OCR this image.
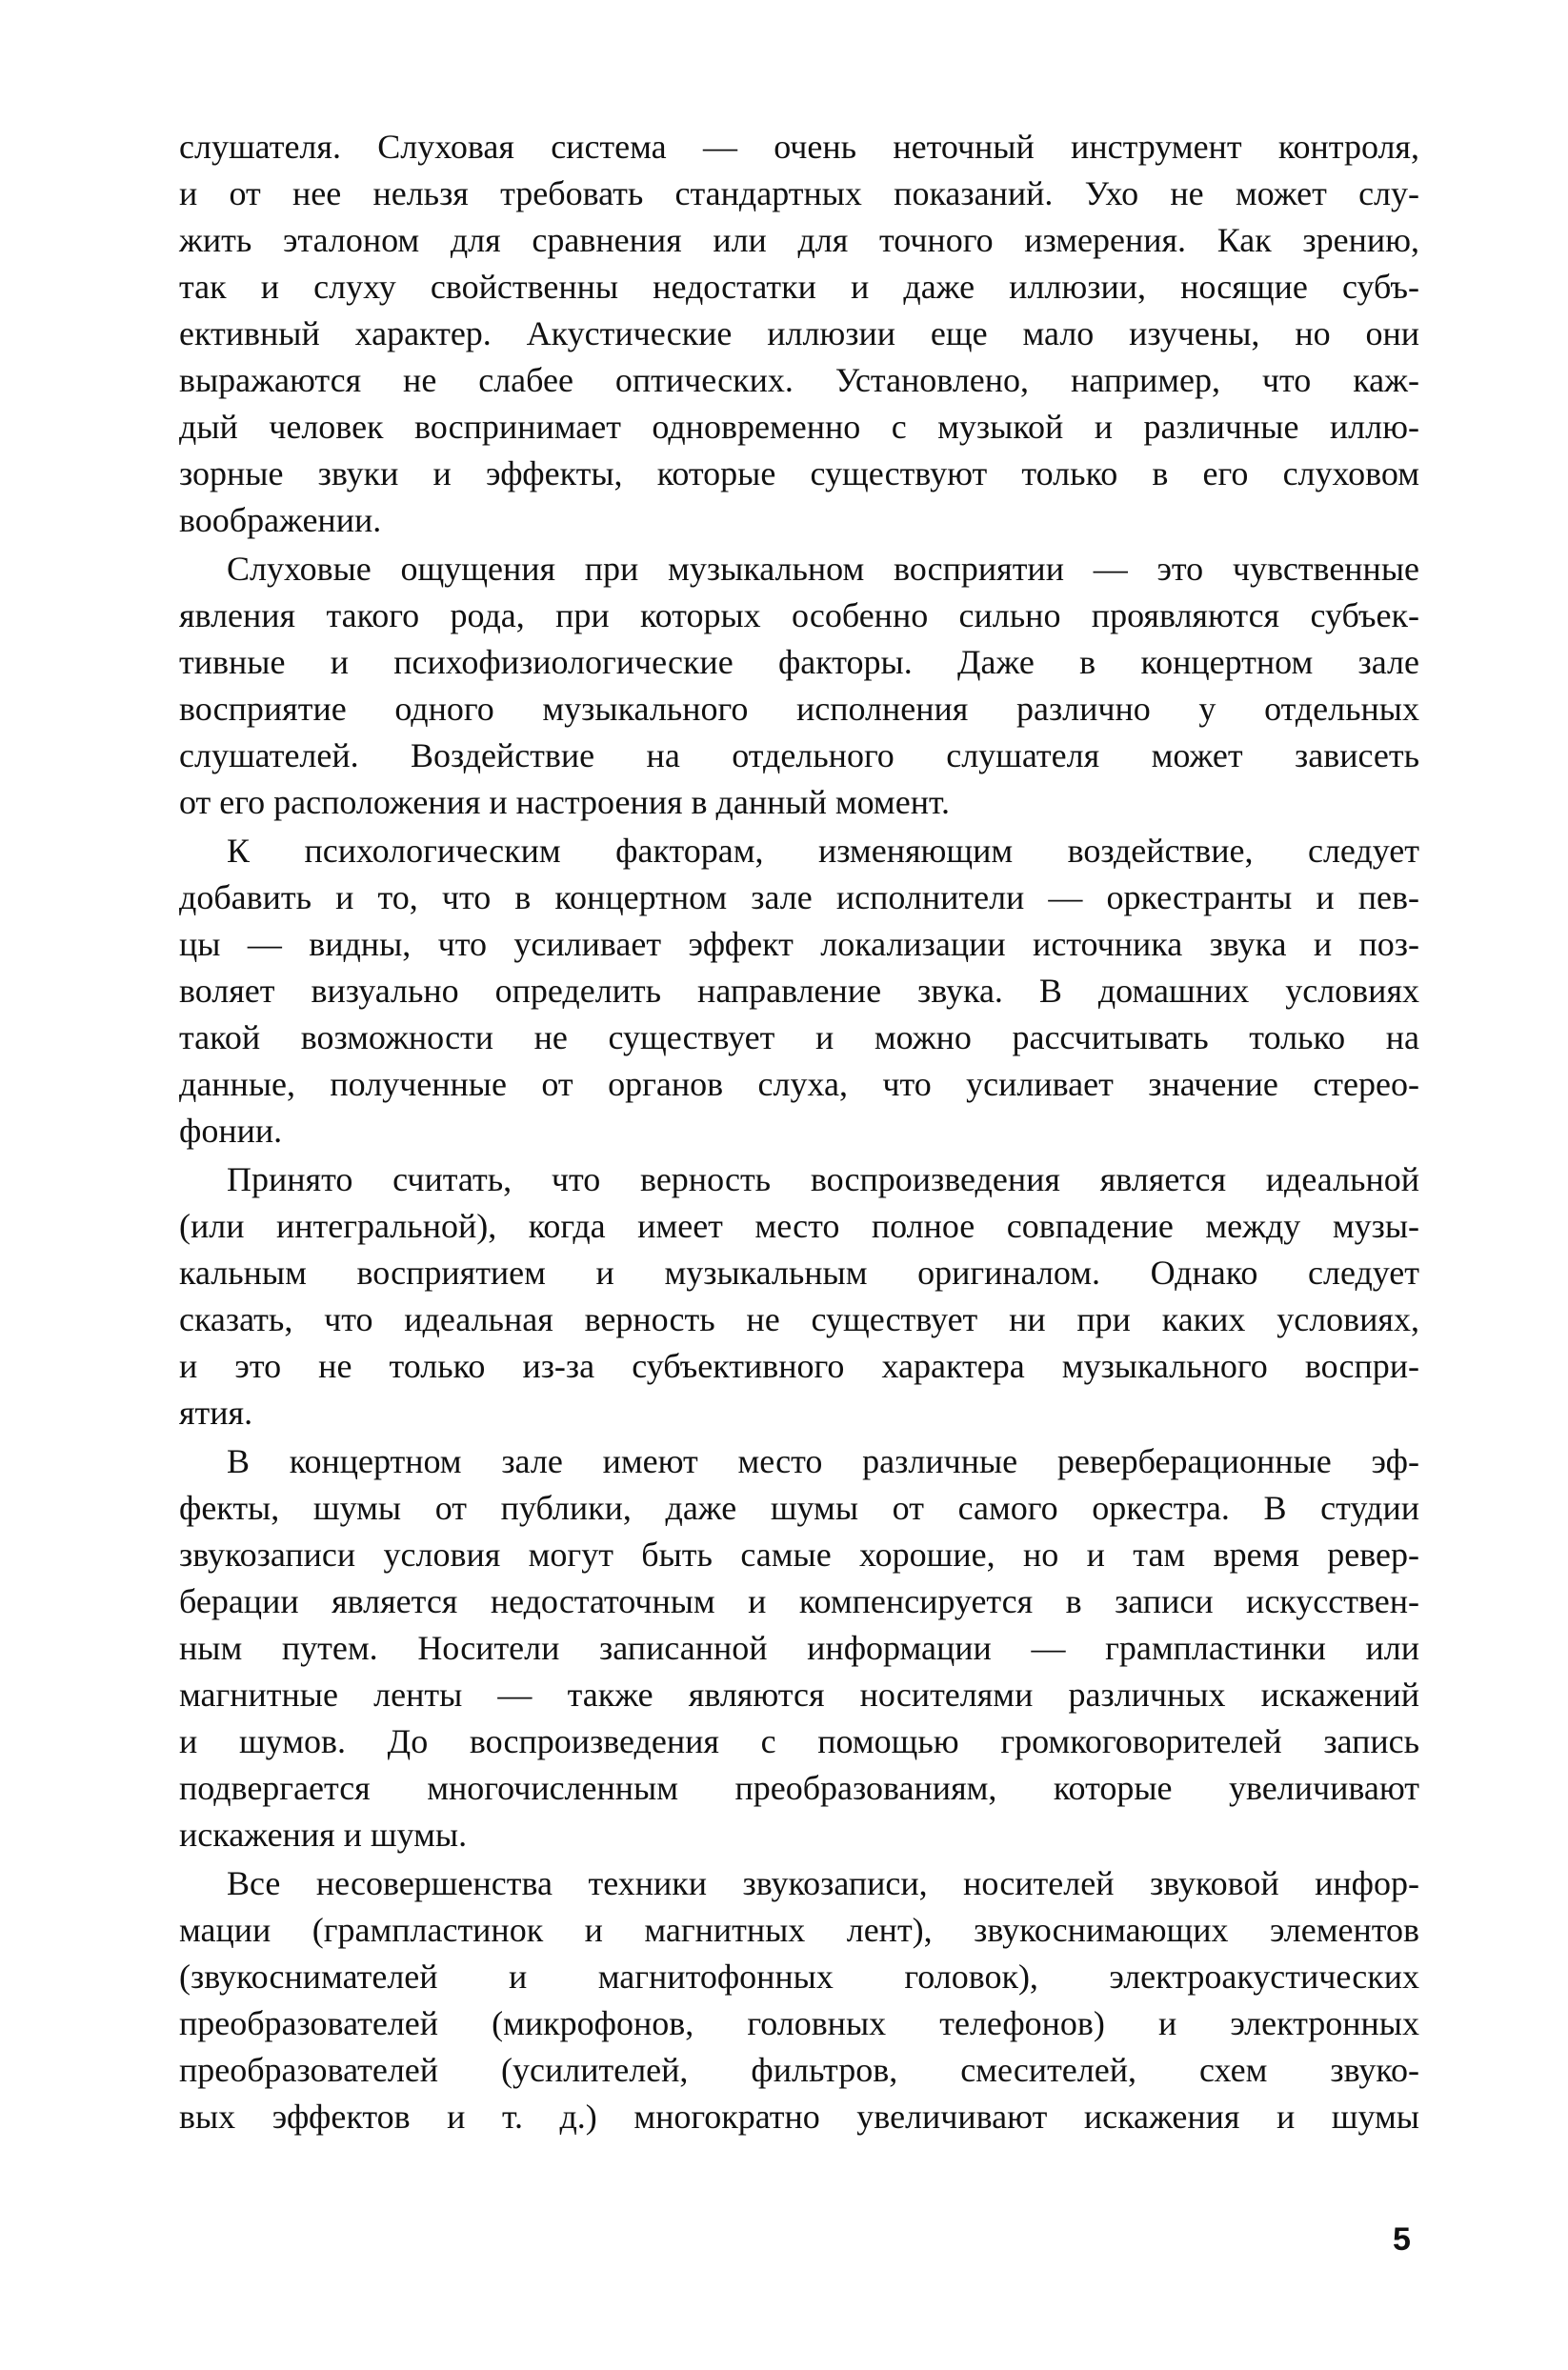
слушателя. Слуховая система — очень неточный инструмент контроля,
и от нее нельзя требовать стандартных показаний. Ухо не может слу-
жить эталоном для сравнения или для точного измерения. Как зрению,
так и слуху свойственны недостатки и даже иллюзии, носящие субъ-
ективный характер. Акустические иллюзии еще мало изучены, но они
выражаются не слабее оптических. Установлено, например, что каж-
дый человек воспринимает одновременно с музыкой и различные иллю-
зорные звуки и эффекты, которые существуют только в его слуховом
воображении.
Слуховые ощущения при музыкальном восприятии — это чувственные
явления такого рода, при которых особенно сильно проявляются субъек-
тивные и психофизиологические факторы. Даже в концертном зале
восприятие одного музыкального исполнения различно у отдельных
слушателей. Воздействие на отдельного слушателя может зависеть
от его расположения и настроения в данный момент.
К психологическим факторам, изменяющим воздействие, следует
добавить и то, что в концертном зале исполнители — оркестранты и пев-
цы — видны, что усиливает эффект локализации источника звука и поз-
воляет визуально определить направление звука. В домашних условиях
такой возможности не существует и можно рассчитывать только на
данные, полученные от органов слуха, что усиливает значение стерео-
фонии.
Принято считать, что верность воспроизведения является идеальной
(или интегральной), когда имеет место полное совпадение между музы-
кальным восприятием и музыкальным оригиналом. Однако следует
сказать, что идеальная верность не существует ни при каких условиях,
и это не только из-за субъективного характера музыкального воспри-
ятия.
В концертном зале имеют место различные реверберационные эф-
фекты, шумы от публики, даже шумы от самого оркестра. В студии
звукозаписи условия могут быть самые хорошие, но и там время ревер-
берации является недостаточным и компенсируется в записи искусствен-
ным путем. Носители записанной информации — грампластинки или
магнитные ленты — также являются носителями различных искажений
и шумов. До воспроизведения с помощью громкоговорителей запись
подвергается многочисленным преобразованиям, которые увеличивают
искажения и шумы.
Все несовершенства техники звукозаписи, носителей звуковой инфор-
мации (грампластинок и магнитных лент), звукоснимающих элементов
(звукоснимателей и магнитофонных головок), электроакустических
преобразователей (микрофонов, головных телефонов) и электронных
преобразователей (усилителей, фильтров, смесителей, схем звуко-
вых эффектов и т. д.) многократно увеличивают искажения и шумы
5
